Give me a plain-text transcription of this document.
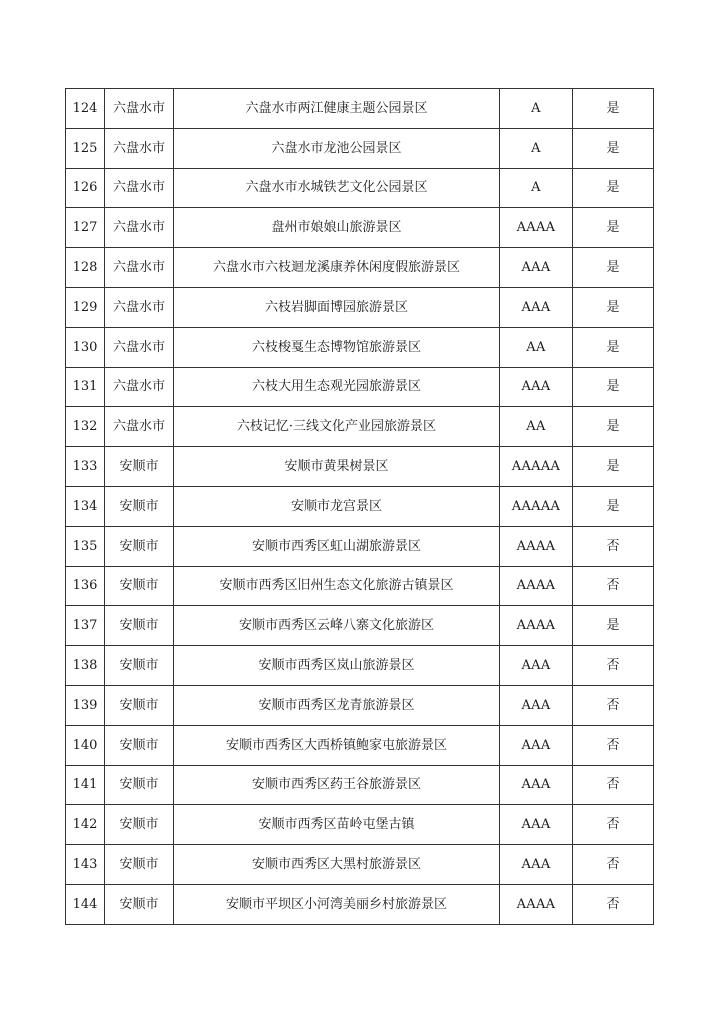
124	六盘水市	六盘水市两江健康主题公园景区	A	是
125	六盘水市	六盘水市龙池公园景区	A	是
126	六盘水市	六盘水市水城铁艺文化公园景区	A	是
127	六盘水市	盘州市娘娘山旅游景区	AAAA	是
128	六盘水市	六盘水市六枝迴龙溪康养休闲度假旅游景区	AAA	是
129	六盘水市	六枝岩脚面博园旅游景区	AAA	是
130	六盘水市	六枝梭戛生态博物馆旅游景区	AA	是
131	六盘水市	六枝大用生态观光园旅游景区	AAA	是
132	六盘水市	六枝记忆·三线文化产业园旅游景区	AA	是
133	安顺市	安顺市黄果树景区	AAAAA	是
134	安顺市	安顺市龙宫景区	AAAAA	是
135	安顺市	安顺市西秀区虹山湖旅游景区	AAAA	否
136	安顺市	安顺市西秀区旧州生态文化旅游古镇景区	AAAA	否
137	安顺市	安顺市西秀区云峰八寨文化旅游区	AAAA	是
138	安顺市	安顺市西秀区岚山旅游景区	AAA	否
139	安顺市	安顺市西秀区龙青旅游景区	AAA	否
140	安顺市	安顺市西秀区大西桥镇鲍家屯旅游景区	AAA	否
141	安顺市	安顺市西秀区药王谷旅游景区	AAA	否
142	安顺市	安顺市西秀区苗岭屯堡古镇	AAA	否
143	安顺市	安顺市西秀区大黑村旅游景区	AAA	否
144	安顺市	安顺市平坝区小河湾美丽乡村旅游景区	AAAA	否
